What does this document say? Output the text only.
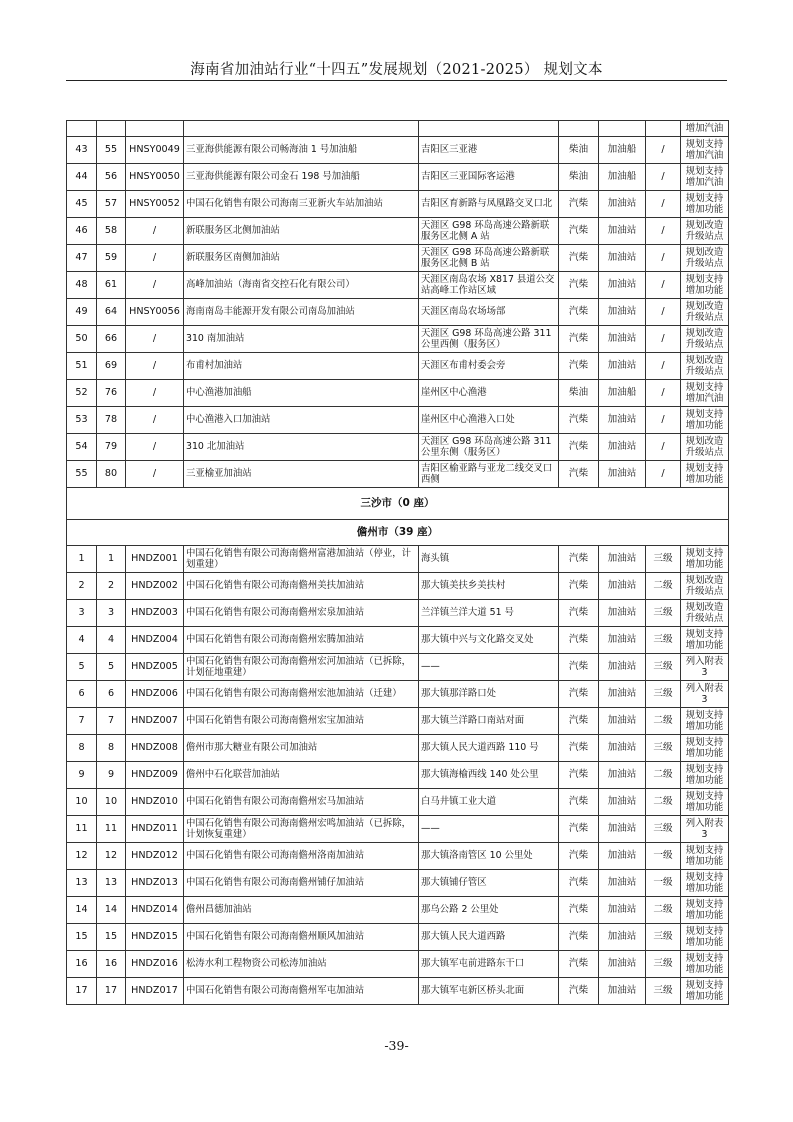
海南省加油站行业“十四五”发展规划（2021-2025） 规划文本
								增加汽油
43	55	HNSY0049	三亚海供能源有限公司畅海油 1 号加油船	吉阳区三亚港	柴油	加油船	/	规划支持增加汽油
44	56	HNSY0050	三亚海供能源有限公司金石 198 号加油船	吉阳区三亚国际客运港	柴油	加油船	/	规划支持增加汽油
45	57	HNSY0052	中国石化销售有限公司海南三亚新火车站加油站	吉阳区育新路与凤凰路交叉口北	汽柴	加油站	/	规划支持增加功能
46	58	/	新联服务区北侧加油站	天涯区 G98 环岛高速公路新联服务区北侧 A 站	汽柴	加油站	/	规划改造升级站点
47	59	/	新联服务区南侧加油站	天涯区 G98 环岛高速公路新联服务区北侧 B 站	汽柴	加油站	/	规划改造升级站点
48	61	/	高峰加油站（海南省交控石化有限公司）	天涯区南岛农场 X817 县道公交站高峰工作站区域	汽柴	加油站	/	规划支持增加功能
49	64	HNSY0056	海南南岛丰能源开发有限公司南岛加油站	天涯区南岛农场场部	汽柴	加油站	/	规划改造升级站点
50	66	/	310 南加油站	天涯区 G98 环岛高速公路 311 公里西侧（服务区）	汽柴	加油站	/	规划改造升级站点
51	69	/	布甫村加油站	天涯区布甫村委会旁	汽柴	加油站	/	规划改造升级站点
52	76	/	中心渔港加油船	崖州区中心渔港	柴油	加油船	/	规划支持增加汽油
53	78	/	中心渔港入口加油站	崖州区中心渔港入口处	汽柴	加油站	/	规划支持增加功能
54	79	/	310 北加油站	天涯区 G98 环岛高速公路 311 公里东侧（服务区）	汽柴	加油站	/	规划改造升级站点
55	80	/	三亚榆亚加油站	吉阳区榆亚路与亚龙二线交叉口西侧	汽柴	加油站	/	规划支持增加功能
三沙市（0 座）								
儋州市（39 座）								
1	1	HNDZ001	中国石化销售有限公司海南儋州富港加油站（停业，计划重建）	海头镇	汽柴	加油站	三级	规划支持增加功能
2	2	HNDZ002	中国石化销售有限公司海南儋州美扶加油站	那大镇美扶乡美扶村	汽柴	加油站	二级	规划改造升级站点
3	3	HNDZ003	中国石化销售有限公司海南儋州宏泉加油站	兰洋镇兰洋大道 51 号	汽柴	加油站	三级	规划改造升级站点
4	4	HNDZ004	中国石化销售有限公司海南儋州宏腾加油站	那大镇中兴与文化路交叉处	汽柴	加油站	三级	规划支持增加功能
5	5	HNDZ005	中国石化销售有限公司海南儋州宏河加油站（已拆除，计划征地重建）	——	汽柴	加油站	三级	列入附表 3
6	6	HNDZ006	中国石化销售有限公司海南儋州宏池加油站（迁建）	那大镇那洋路口处	汽柴	加油站	三级	列入附表 3
7	7	HNDZ007	中国石化销售有限公司海南儋州宏宝加油站	那大镇兰洋路口南站对面	汽柴	加油站	二级	规划支持增加功能
8	8	HNDZ008	儋州市那大糖业有限公司加油站	那大镇人民大道西路 110 号	汽柴	加油站	三级	规划支持增加功能
9	9	HNDZ009	儋州中石化联营加油站	那大镇海榆西线 140 处公里	汽柴	加油站	二级	规划支持增加功能
10	10	HNDZ010	中国石化销售有限公司海南儋州宏马加油站	白马井镇工业大道	汽柴	加油站	二级	规划支持增加功能
11	11	HNDZ011	中国石化销售有限公司海南儋州宏鸣加油站（已拆除，计划恢复重建）	——	汽柴	加油站	三级	列入附表 3
12	12	HNDZ012	中国石化销售有限公司海南儋州洛南加油站	那大镇洛南管区 10 公里处	汽柴	加油站	一级	规划支持增加功能
13	13	HNDZ013	中国石化销售有限公司海南儋州铺仔加油站	那大镇铺仔管区	汽柴	加油站	一级	规划支持增加功能
14	14	HNDZ014	儋州昌德加油站	那乌公路 2 公里处	汽柴	加油站	二级	规划支持增加功能
15	15	HNDZ015	中国石化销售有限公司海南儋州顺风加油站	那大镇人民大道西路	汽柴	加油站	三级	规划支持增加功能
16	16	HNDZ016	松涛水利工程物资公司松涛加油站	那大镇军屯前进路东干口	汽柴	加油站	三级	规划支持增加功能
17	17	HNDZ017	中国石化销售有限公司海南儋州军屯加油站	那大镇军屯新区桥头北面	汽柴	加油站	三级	规划支持增加功能
-39-
